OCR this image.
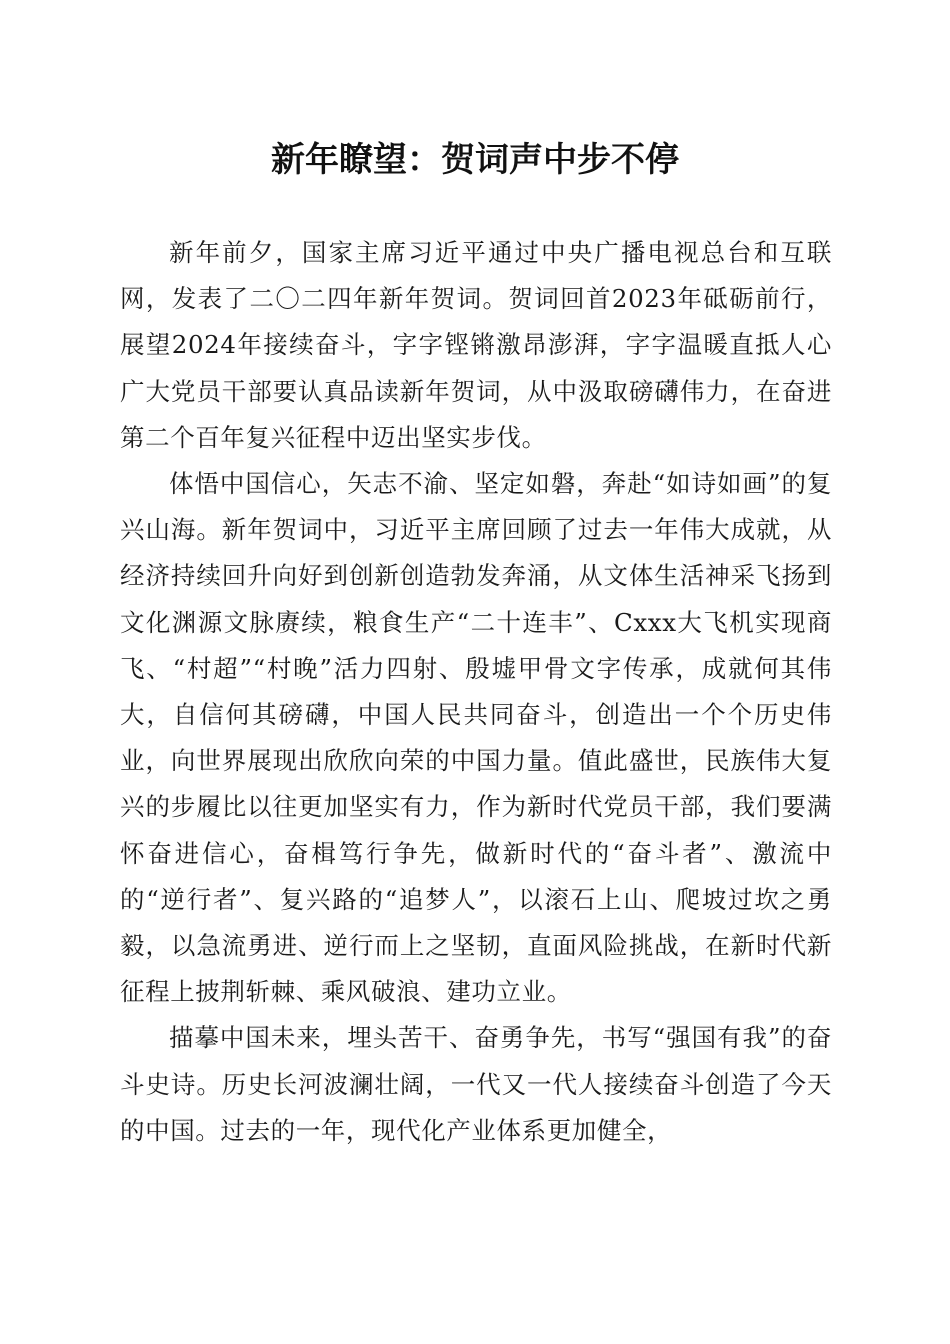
新年瞭望：贺词声中步不停

新年前夕，国家主席习近平通过中央广播电视总台和互联网，发表了二〇二四年新年贺词。贺词回首2023年砥砺前行，展望2024年接续奋斗，字字铿锵激昂澎湃，字字温暖直抵人心广大党员干部要认真品读新年贺词，从中汲取磅礴伟力，在奋进第二个百年复兴征程中迈出坚实步伐。

体悟中国信心，矢志不渝、坚定如磐，奔赴“如诗如画”的复兴山海。新年贺词中，习近平主席回顾了过去一年伟大成就，从经济持续回升向好到创新创造勃发奔涌，从文体生活神采飞扬到文化渊源文脉赓续，粮食生产“二十连丰”、Cxxx大飞机实现商飞、“村超”“村晚”活力四射、殷墟甲骨文字传承，成就何其伟大，自信何其磅礴，中国人民共同奋斗，创造出一个个历史伟业，向世界展现出欣欣向荣的中国力量。值此盛世，民族伟大复兴的步履比以往更加坚实有力，作为新时代党员干部，我们要满怀奋进信心，奋楫笃行争先，做新时代的“奋斗者”、激流中的“逆行者”、复兴路的“追梦人”，以滚石上山、爬坡过坎之勇毅，以急流勇进、逆行而上之坚韧，直面风险挑战，在新时代新征程上披荆斩棘、乘风破浪、建功立业。

描摹中国未来，埋头苦干、奋勇争先，书写“强国有我”的奋斗史诗。历史长河波澜壮阔，一代又一代人接续奋斗创造了今天的中国。过去的一年，现代化产业体系更加健全，
